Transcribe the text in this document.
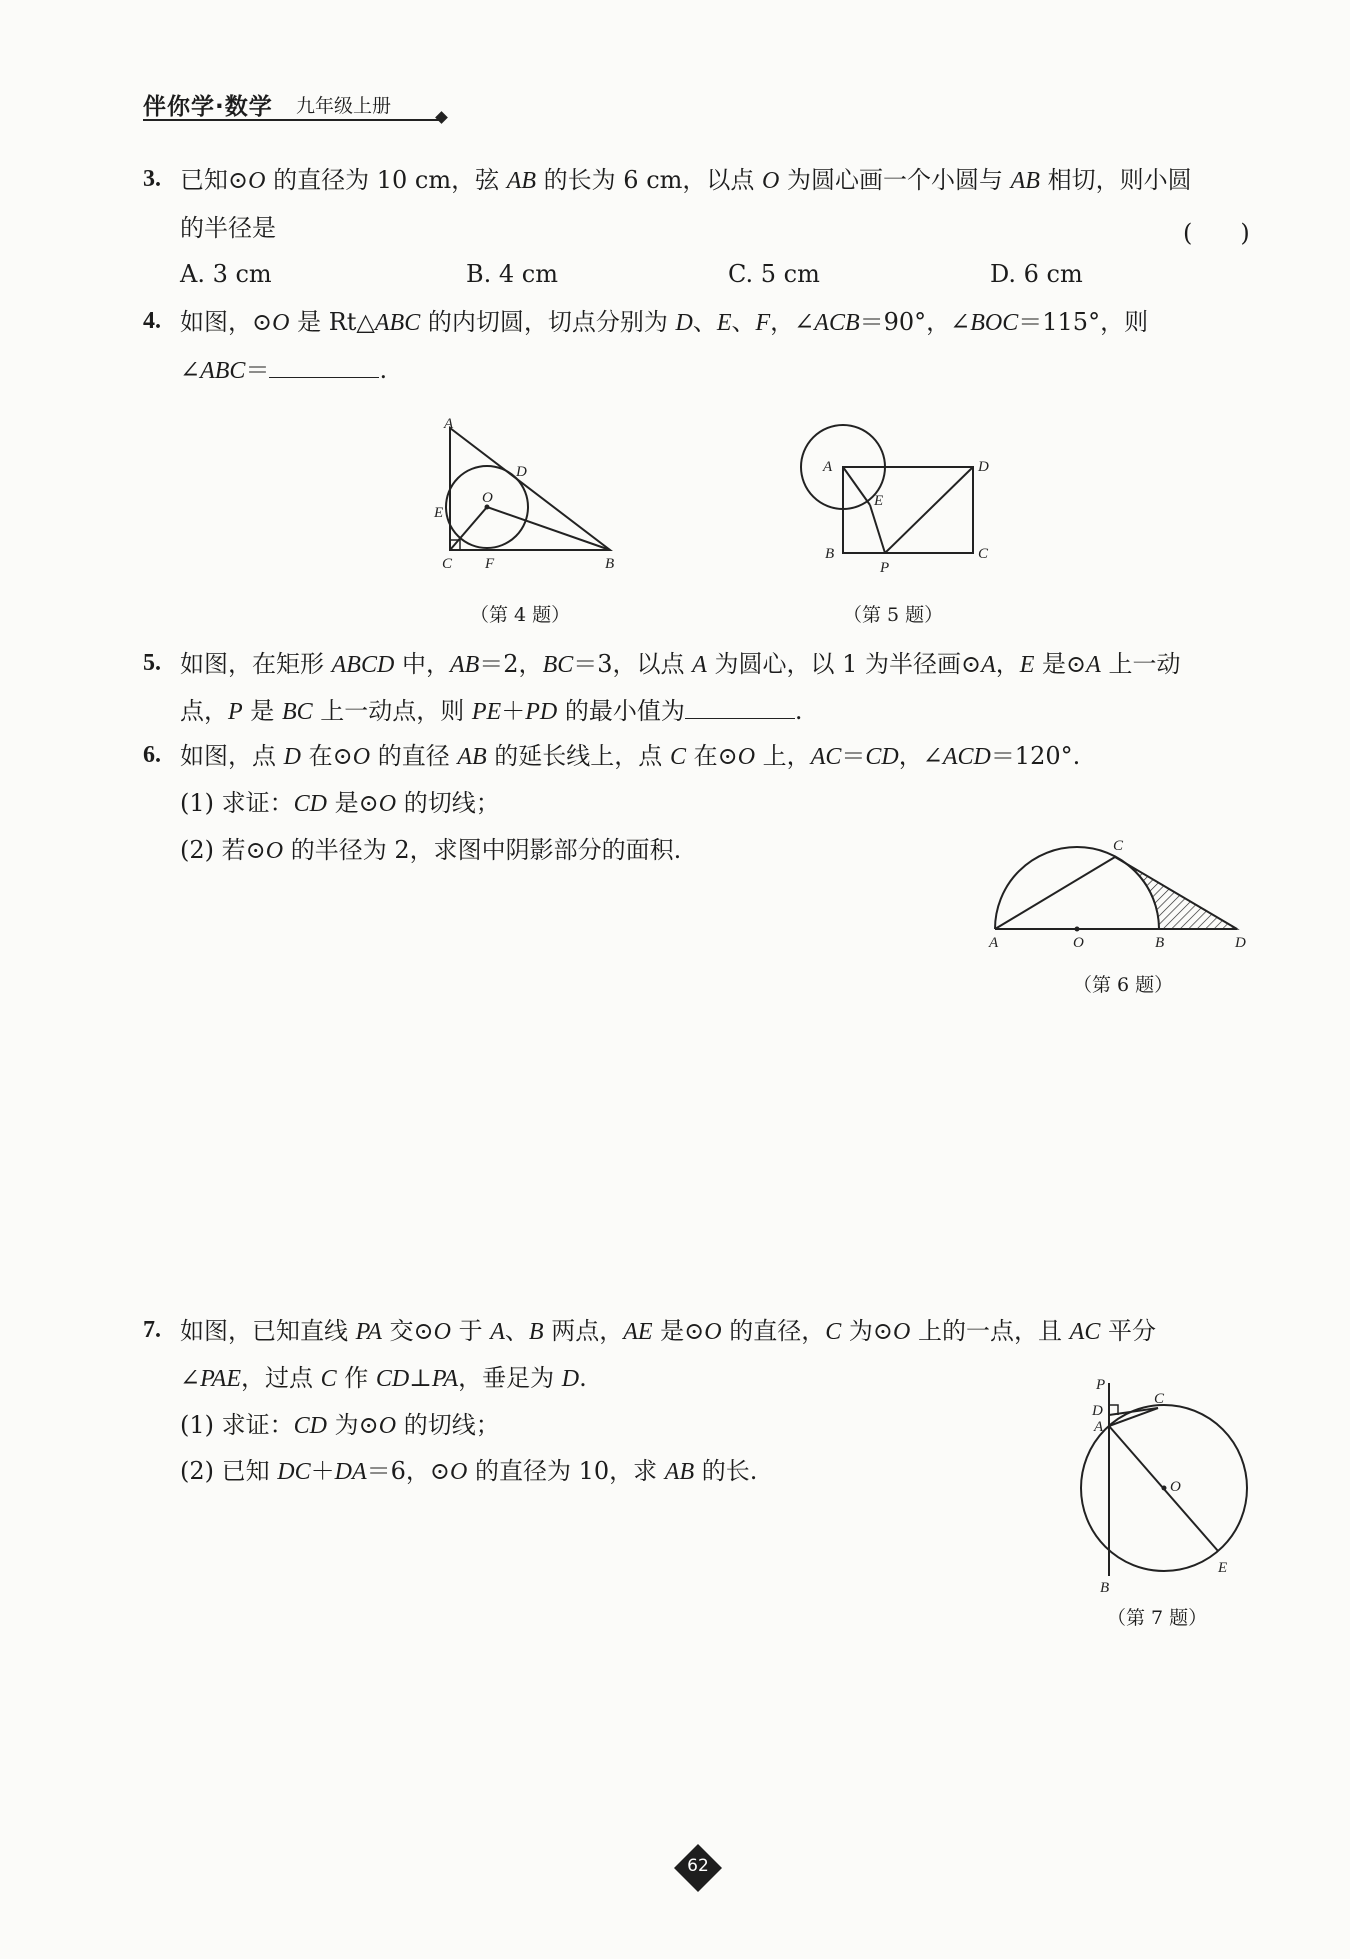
伴你学·数学 九年级上册
3. 已知⊙O 的直径为 10 cm，弦 AB 的长为 6 cm，以点 O 为圆心画一个小圆与 AB 相切，则小圆
的半径是	(　　)
A. 3 cm	B. 4 cm	C. 5 cm	D. 6 cm
4. 如图，⊙O 是 Rt△ABC 的内切圆，切点分别为 D、E、F，∠ACB＝90°，∠BOC＝115°，则
∠ABC＝	.
A
D
E
O
C F	B
（第 4 题）
A	D
E
B
P
C
（第 5 题）
5. 如图，在矩形 ABCD 中，AB＝2，BC＝3，以点 A 为圆心，以 1 为半径画⊙A，E 是⊙A 上一动
点，P 是 BC 上一动点，则 PE＋PD 的最小值为	.
6. 如图，点 D 在⊙O 的直径 AB 的延长线上，点 C 在⊙O 上，AC＝CD，∠ACD＝120°.
(1) 求证：CD 是⊙O 的切线；
(2) 若⊙O 的半径为 2，求图中阴影部分的面积.	C
A	O	B	D
（第 6 题）
7. 如图，已知直线 PA 交⊙O 于 A、B 两点，AE 是⊙O 的直径，C 为⊙O 上的一点，且 AC 平分
∠PAE，过点 C 作 CD⊥PA，垂足为 D.
(1) 求证：CD 为⊙O 的切线；
(2) 已知 DC＋DA＝6，⊙O 的直径为 10，求 AB 的长.
P
D
A
C
O
B
E
（第 7 题）
62
